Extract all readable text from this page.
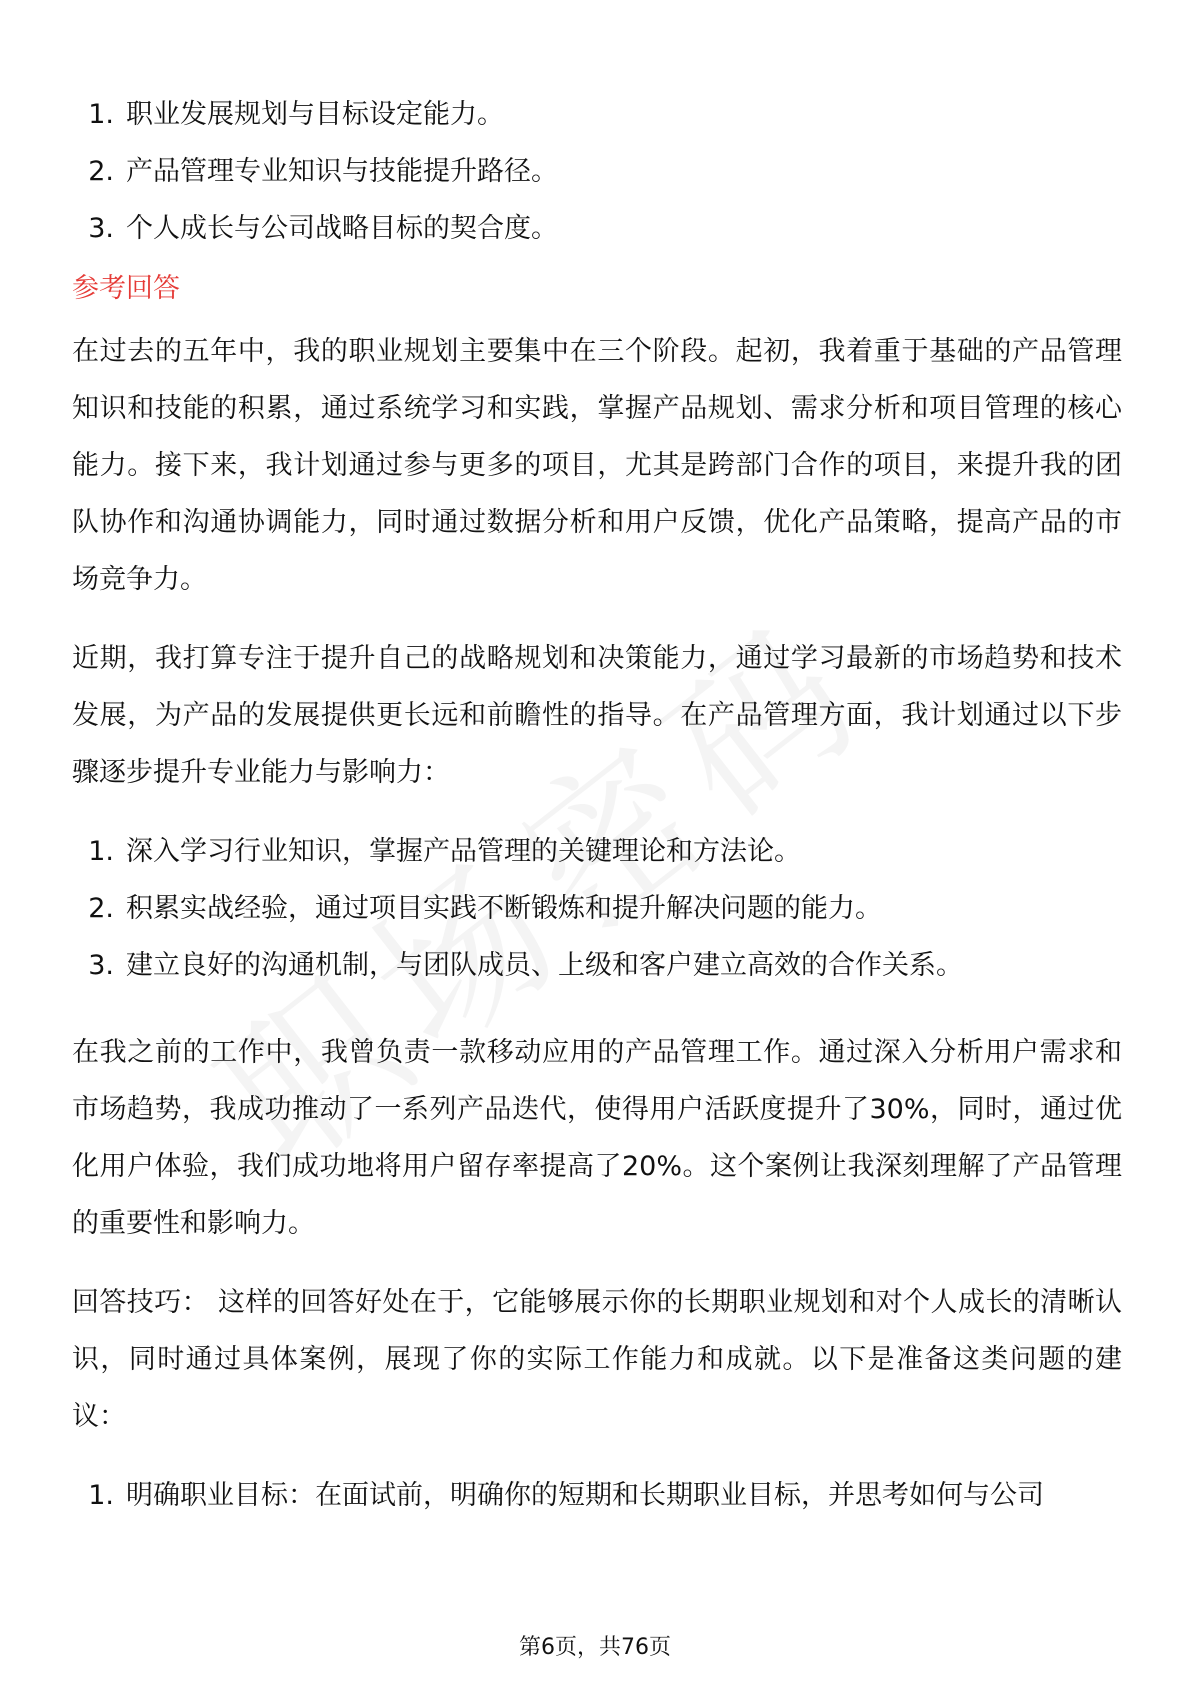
1. 职业发展规划与目标设定能力。
2. 产品管理专业知识与技能提升路径。
3. 个人成长与公司战略目标的契合度。
参考回答

在过去的五年中，我的职业规划主要集中在三个阶段。起初，我着重于基础的产品管理知识和技能的积累，通过系统学习和实践，掌握产品规划、需求分析和项目管理的核心能力。接下来，我计划通过参与更多的项目，尤其是跨部门合作的项目，来提升我的团队协作和沟通协调能力，同时通过数据分析和用户反馈，优化产品策略，提高产品的市场竞争力。

近期，我打算专注于提升自己的战略规划和决策能力，通过学习最新的市场趋势和技术发展，为产品的发展提供更长远和前瞻性的指导。在产品管理方面，我计划通过以下步骤逐步提升专业能力与影响力：

1. 深入学习行业知识，掌握产品管理的关键理论和方法论。
2. 积累实战经验，通过项目实践不断锻炼和提升解决问题的能力。
3. 建立良好的沟通机制，与团队成员、上级和客户建立高效的合作关系。

在我之前的工作中，我曾负责一款移动应用的产品管理工作。通过深入分析用户需求和市场趋势，我成功推动了一系列产品迭代，使得用户活跃度提升了30%，同时，通过优化用户体验，我们成功地将用户留存率提高了20%。这个案例让我深刻理解了产品管理的重要性和影响力。

回答技巧： 这样的回答好处在于，它能够展示你的长期职业规划和对个人成长的清晰认识，同时通过具体案例，展现了你的实际工作能力和成就。以下是准备这类问题的建议：

1. 明确职业目标：在面试前，明确你的短期和长期职业目标，并思考如何与公司
第6页，共76页
